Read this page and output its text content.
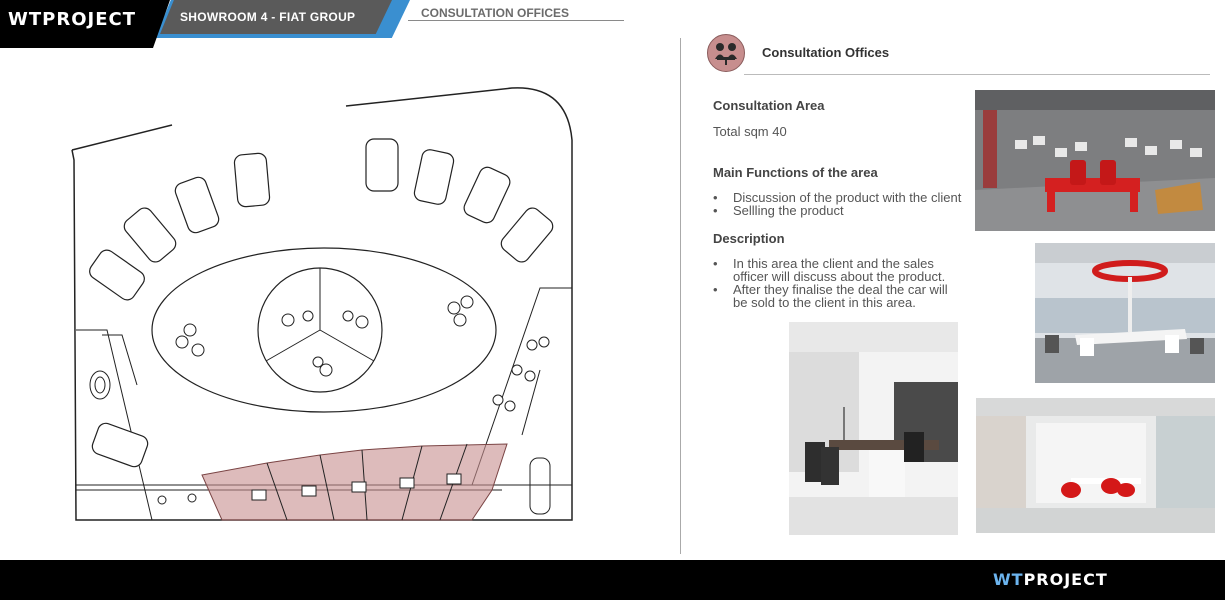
WTPROJECT	SHOWROOM 4 - FIAT GROUP	CONSULTATION OFFICES
Consultation Offices
Consultation Area
Total sqm 40
Main Functions of the area
• Discussion of the product with the client
• Sellling the product
Description
• In this area the client and the sales officer will discuss about the product.
• After they finalise the deal the car will be sold to the client in this area.
WTPROJECT
